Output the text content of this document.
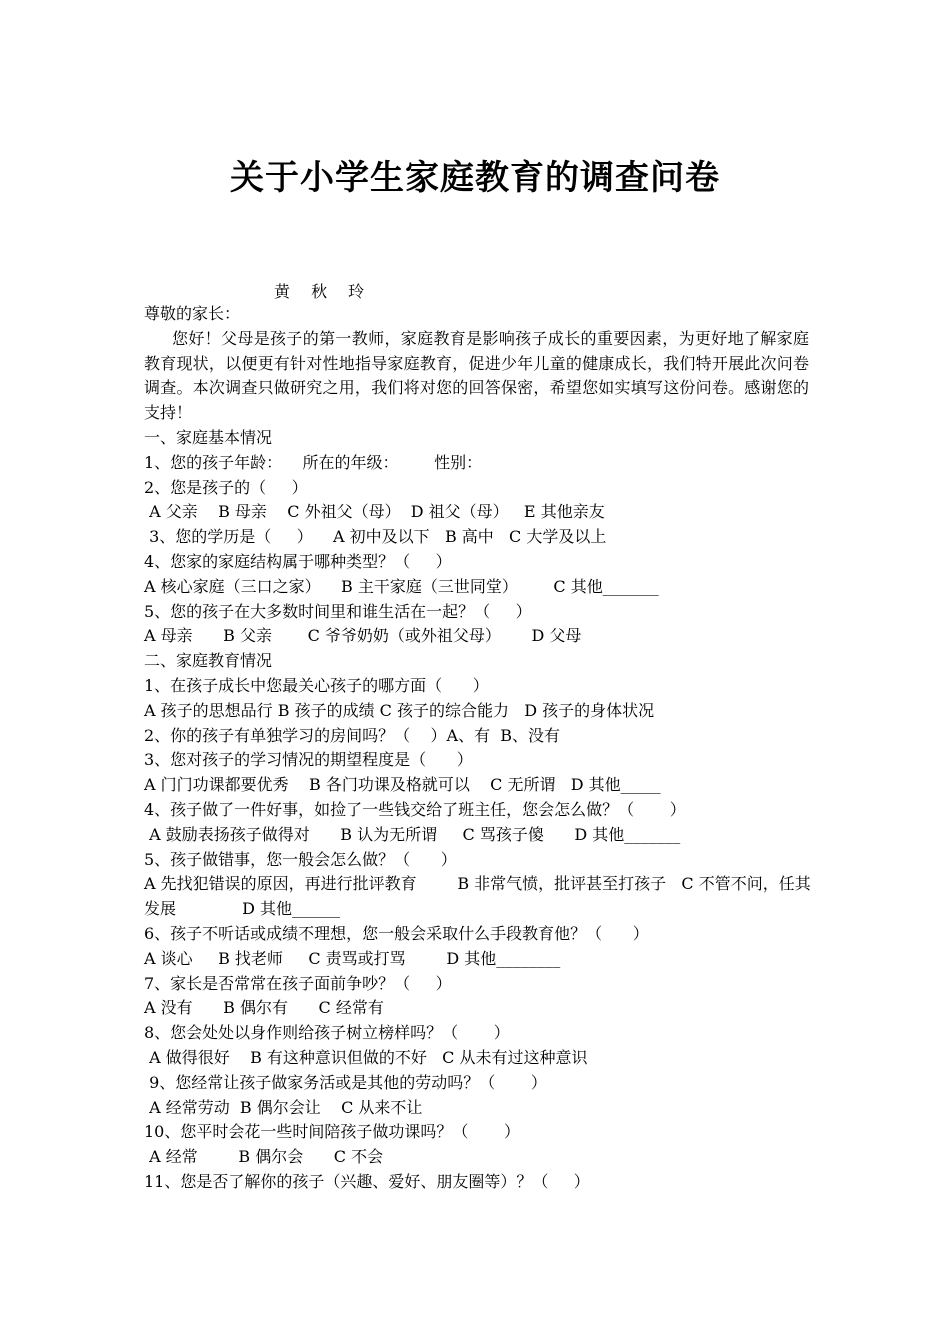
关于小学生家庭教育的调查问卷
黄 秋 玲
尊敬的家长：
您好！父母是孩子的第一教师，家庭教育是影响孩子成长的重要因素，为更好地了解家庭教育现状，以便更有针对性地指导家庭教育，促进少年儿童的健康成长，我们特开展此次问卷调查。本次调查只做研究之用，我们将对您的回答保密，希望您如实填写这份问卷。感谢您的支持！
一、家庭基本情况
1、您的孩子年龄：    所在的年级：       性别：
2、您是孩子的（     ）
A 父亲    B 母亲    C 外祖父（母）  D 祖父（母）   E 其他亲友
3、您的学历是（     ）    A 初中及以下   B 高中   C 大学及以上
4、您家的家庭结构属于哪种类型？（     ）
A 核心家庭（三口之家）    B 主干家庭（三世同堂）       C 其他_______
5、您的孩子在大多数时间里和谁生活在一起？（     ）
A 母亲      B 父亲       C 爷爷奶奶（或外祖父母）      D 父母
二、家庭教育情况
1、在孩子成长中您最关心孩子的哪方面（      ）
A 孩子的思想品行 B 孩子的成绩 C 孩子的综合能力   D 孩子的身体状况
2、你的孩子有单独学习的房间吗？（    ）A、有  B、没有
3、您对孩子的学习情况的期望程度是（      ）
A 门门功课都要优秀    B 各门功课及格就可以    C 无所谓   D 其他_____
4、孩子做了一件好事，如捡了一些钱交给了班主任，您会怎么做？（       ）
A 鼓励表扬孩子做得对      B 认为无所谓     C 骂孩子傻      D 其他_______
5、孩子做错事，您一般会怎么做？（      ）
A 先找犯错误的原因，再进行批评教育        B 非常气愤，批评甚至打孩子   C 不管不问，任其
发展             D 其他______
6、孩子不听话或成绩不理想，您一般会采取什么手段教育他？（      ）
A 谈心     B 找老师     C 责骂或打骂        D 其他________
7、家长是否常常在孩子面前争吵？（     ）
A 没有      B 偶尔有      C 经常有
8、您会处处以身作则给孩子树立榜样吗？（       ）
A 做得很好    B 有这种意识但做的不好   C 从未有过这种意识
9、您经常让孩子做家务活或是其他的劳动吗？（       ）
A 经常劳动  B 偶尔会让    C 从来不让
10、您平时会花一些时间陪孩子做功课吗？（       ）
A 经常        B 偶尔会      C 不会
11、您是否了解你的孩子（兴趣、爱好、朋友圈等）？（     ）
